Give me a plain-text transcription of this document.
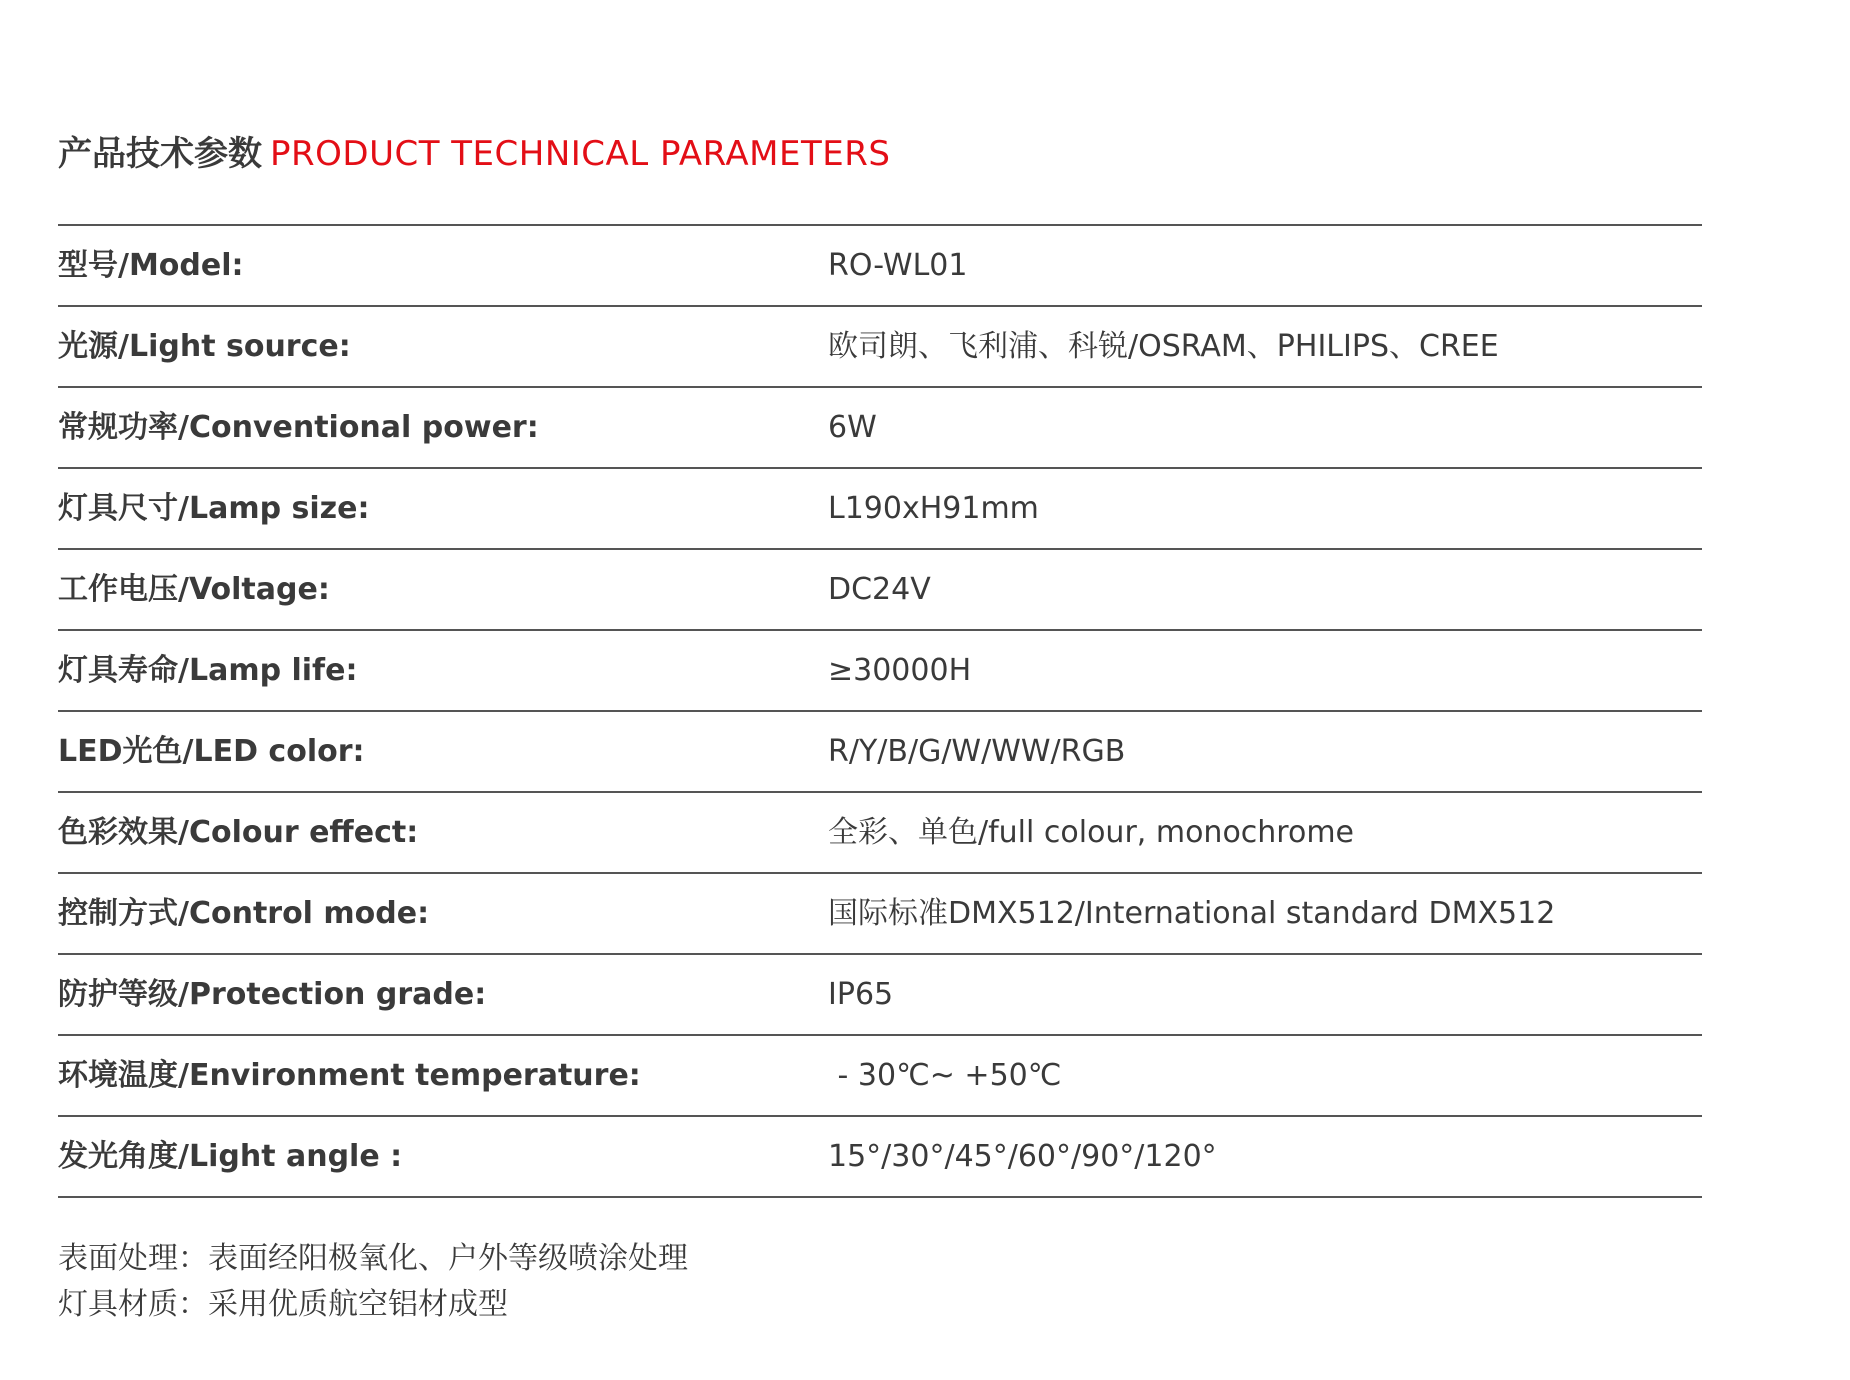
产品技术参数 PRODUCT TECHNICAL PARAMETERS
型号/Model:	RO-WL01
光源/Light source:	欧司朗、飞利浦、科锐/OSRAM、PHILIPS、CREE
常规功率/Conventional power:	6W
灯具尺寸/Lamp size:	L190xH91mm
工作电压/Voltage:	DC24V
灯具寿命/Lamp life:	≥30000H
LED光色/LED color:	R/Y/B/G/W/WW/RGB
色彩效果/Colour effect:	全彩、单色/full colour, monochrome
控制方式/Control mode:	国际标准DMX512/International standard DMX512
防护等级/Protection grade:	IP65
环境温度/Environment temperature:	- 30℃~ +50℃
发光角度/Light angle :	15°/30°/45°/60°/90°/120°
表面处理：表面经阳极氧化、户外等级喷涂处理
灯具材质：采用优质航空铝材成型
